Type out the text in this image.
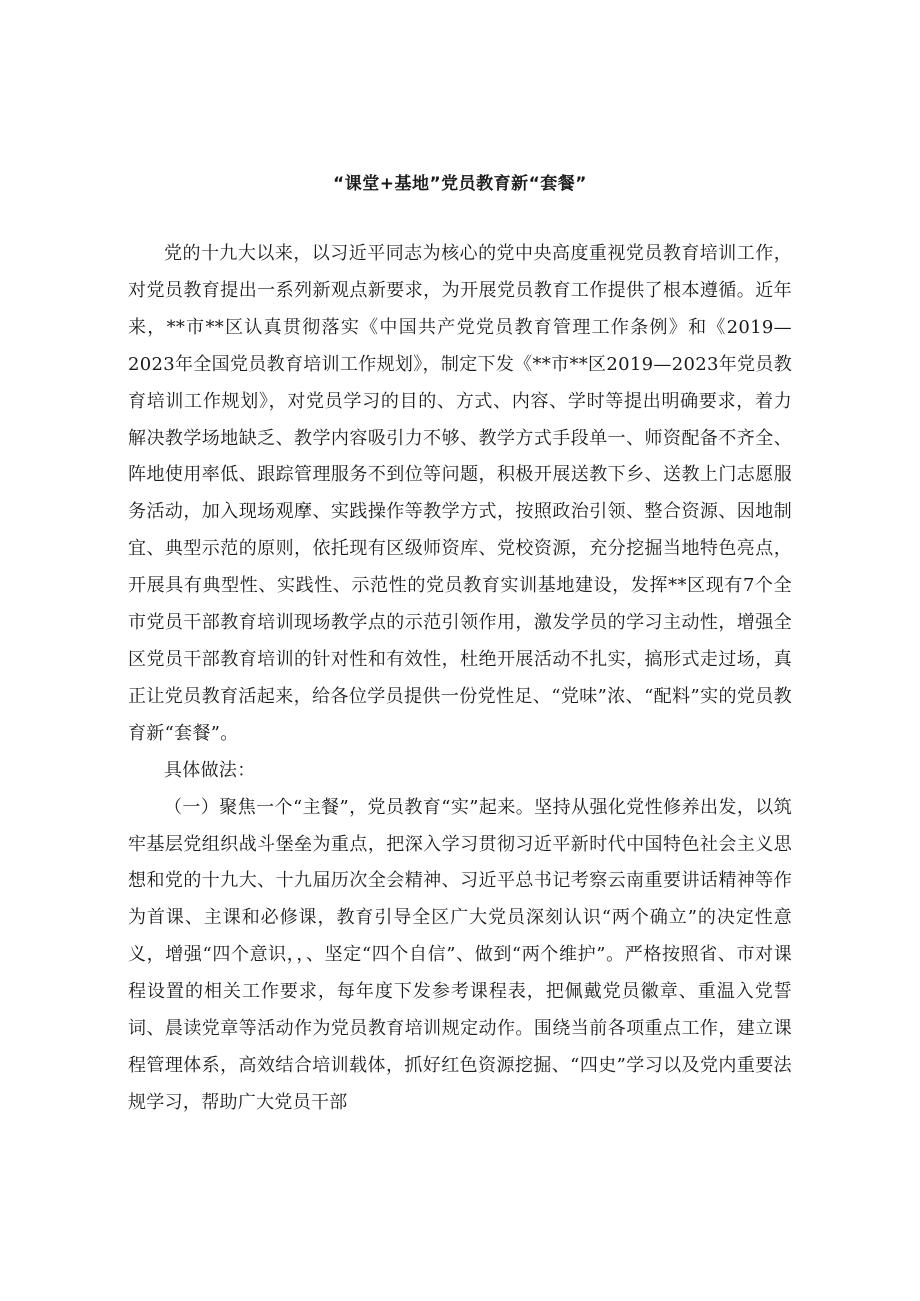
“课堂+基地”党员教育新“套餐”

党的十九大以来，以习近平同志为核心的党中央高度重视党员教育培训工作，对党员教育提出一系列新观点新要求，为开展党员教育工作提供了根本遵循。近年来，**市**区认真贯彻落实《中国共产党党员教育管理工作条例》和《2019—2023年全国党员教育培训工作规划》，制定下发《**市**区2019—2023年党员教育培训工作规划》，对党员学习的目的、方式、内容、学时等提出明确要求，着力解决教学场地缺乏、教学内容吸引力不够、教学方式手段单一、师资配备不齐全、阵地使用率低、跟踪管理服务不到位等问题，积极开展送教下乡、送教上门志愿服务活动，加入现场观摩、实践操作等教学方式，按照政治引领、整合资源、因地制宜、典型示范的原则，依托现有区级师资库、党校资源，充分挖掘当地特色亮点，开展具有典型性、实践性、示范性的党员教育实训基地建设，发挥**区现有7个全市党员干部教育培训现场教学点的示范引领作用，激发学员的学习主动性，增强全区党员干部教育培训的针对性和有效性，杜绝开展活动不扎实，搞形式走过场，真正让党员教育活起来，给各位学员提供一份党性足、“党味”浓、“配料”实的党员教育新“套餐”。

具体做法：

（一）聚焦一个“主餐”，党员教育“实”起来。坚持从强化党性修养出发，以筑牢基层党组织战斗堡垒为重点，把深入学习贯彻习近平新时代中国特色社会主义思想和党的十九大、十九届历次全会精神、习近平总书记考察云南重要讲话精神等作为首课、主课和必修课，教育引导全区广大党员深刻认识“两个确立”的决定性意义，增强“四个意识，，、坚定“四个自信”、做到“两个维护”。严格按照省、市对课程设置的相关工作要求，每年度下发参考课程表，把佩戴党员徽章、重温入党誓词、晨读党章等活动作为党员教育培训规定动作。围绕当前各项重点工作，建立课程管理体系，高效结合培训载体，抓好红色资源挖掘、“四史”学习以及党内重要法规学习，帮助广大党员干部
